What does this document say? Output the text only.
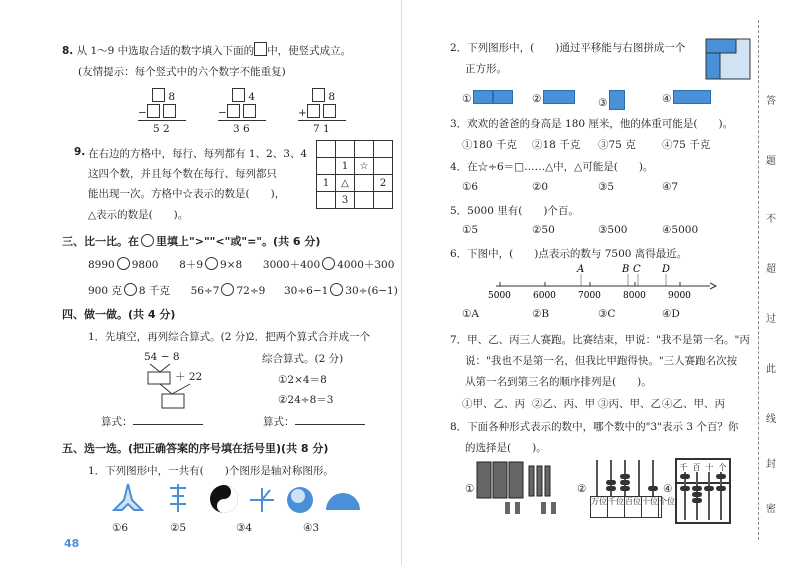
8. 从 1～9 中选取合适的数字填入下面的 中，使竖式成立。
(友情提示：每个竖式中的六个数字不能重复)
8
−
5 2
4
−
3 6
8
+
7 1
9. 在右边的方格中，每行、每列都有 1、2、3、4
这四个数，并且每个数在每行、每列都只
能出现一次。方格中☆表示的数是(　　)，
△表示的数是(　　)。

	1	☆	
1	△		2
	3		
三、比一比。在 里填上">""<"或"="。(共 6 分)
8990 9800 8＋9 9×8 3000＋400 4000＋300
900 克 8 千克 56÷7 72÷9 30÷6−1 30÷(6−1)
四、做一做。(共 4 分)
1．先填空，再列综合算式。(2 分)
2．把两个算式合并成一个
综合算式。(2 分)
54 − 8
＋ 22	①2×4＝8
②24÷8＝3
算式：	算式：
五、选一选。(把正确答案的序号填在括号里)(共 8 分)
1．下列图形中，一共有(　　)个图形是轴对称图形。
①6	②5	③4	④3
48
2．下列图形中，(　　)通过平移能与右图拼成一个
正方形。
①	②	③	④
3．欢欢的爸爸的身高是 180 厘米，他的体重可能是(　　)。
①180 千克 ②18 千克 ③75 克	④75 千克
4．在☆÷6＝□……△中，△可能是(　　)。
①6	②0	③5	④7
5．5000 里有(　　)个百。
①5	②50	③500	④5000
6．下图中，(　　)点表示的数与 7500 离得最近。
A	B C D
5000 6000 7000 8000 9000
①A	②B	③C	④D
7．甲、乙、丙三人赛跑。比赛结束，甲说："我不是第一名。"丙
说："我也不是第一名，但我比甲跑得快。"三人赛跑名次按
从第一名到第三名的顺序排列是(　　)。
①甲、乙、丙 ②乙、丙、甲 ③丙、甲、乙 ④乙、甲、丙
8．下面各种形式表示的数中，哪个数中的"3"表示 3 个百？你
的选择是(　　)。
①	②
万位 千位 百位 十位 个位
④
千 百 十 个
答
题
不
超
过
此
线
封
密
